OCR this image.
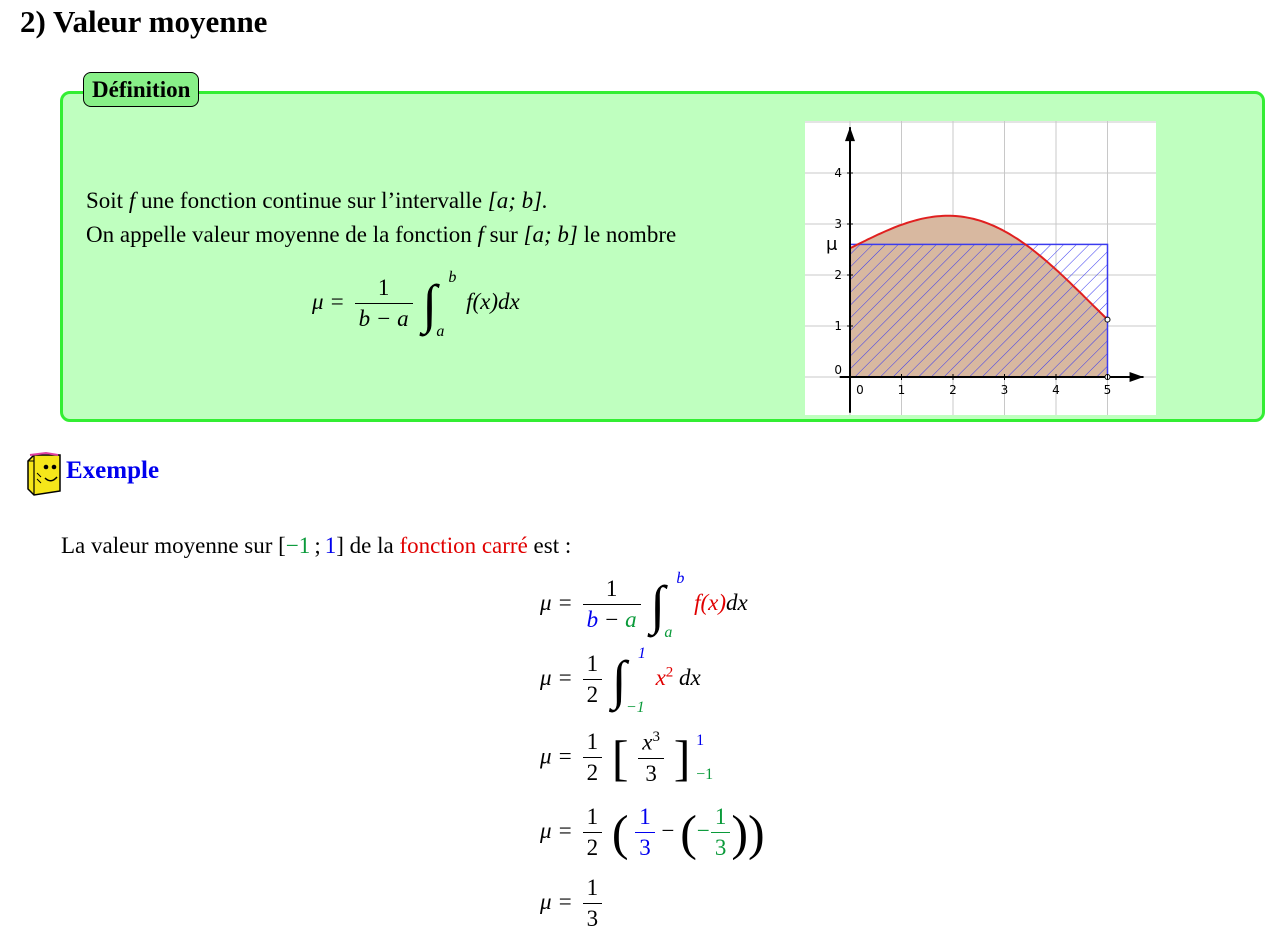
2) Valeur moyenne
Définition
Soit f une fonction continue sur l’intervalle [a; b].
On appelle valeur moyenne de la fonction f sur [a; b] le nombre
$\mu = \frac{1}{b - a}$ ∫ b
a
f(x)dx
0	1	2	3	4	5
0
1
2
3
4
μ
Exemple
La valeur moyenne sur [−1 ; 1] de la fonction carré est :
$\mu = \frac{1}{b - a}$ ∫ b
a
f(x)dx
$\mu = \frac{1}{2}$ ∫ 1
−1
$x^2$ dx
$\mu = \frac{1}{2}$ [ $\frac{x^3}{3}$ ] 1
−1
$\mu = \frac{1}{2}$ ( $\frac{1}{3}$ − (− $\frac{1}{3}$ ))
$\mu = \frac{1}{3}$
